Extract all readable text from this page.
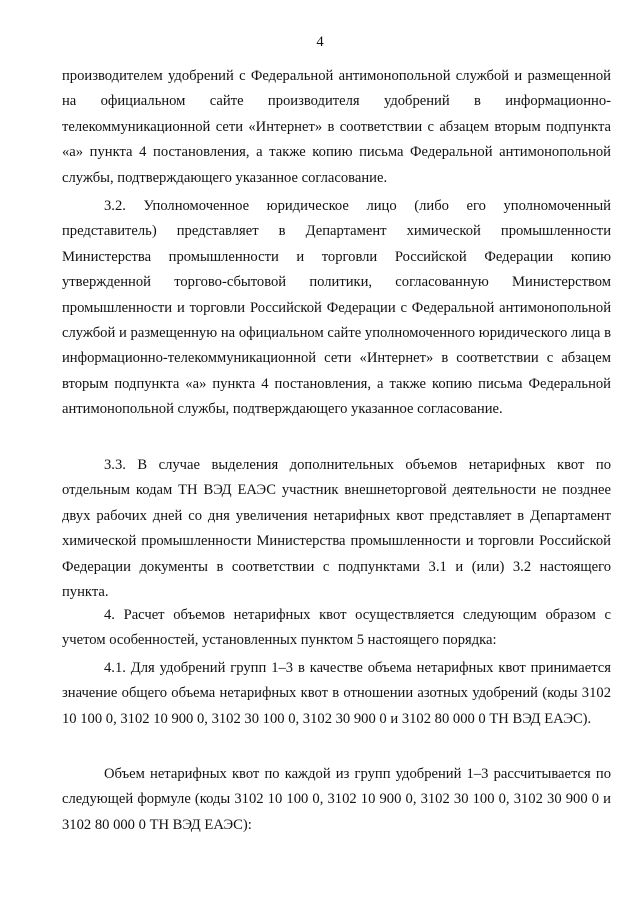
4

производителем удобрений с Федеральной антимонопольной службой и размещенной на официальном сайте производителя удобрений в информационно-телекоммуникационной сети «Интернет» в соответствии с абзацем вторым подпункта «а» пункта 4 постановления, а также копию письма Федеральной антимонопольной службы, подтверждающего указанное согласование.

3.2. Уполномоченное юридическое лицо (либо его уполномоченный представитель) представляет в Департамент химической промышленности Министерства промышленности и торговли Российской Федерации копию утвержденной торгово-сбытовой политики, согласованную Министерством промышленности и торговли Российской Федерации с Федеральной антимонопольной службой и размещенную на официальном сайте уполномоченного юридического лица в информационно-телекоммуникационной сети «Интернет» в соответствии с абзацем вторым подпункта «а» пункта 4 постановления, а также копию письма Федеральной антимонопольной службы, подтверждающего указанное согласование.

3.3. В случае выделения дополнительных объемов нетарифных квот по отдельным кодам ТН ВЭД ЕАЭС участник внешнеторговой деятельности не позднее двух рабочих дней со дня увеличения нетарифных квот представляет в Департамент химической промышленности Министерства промышленности и торговли Российской Федерации документы в соответствии с подпунктами 3.1 и (или) 3.2 настоящего пункта.

4. Расчет объемов нетарифных квот осуществляется следующим образом с учетом особенностей, установленных пунктом 5 настоящего порядка:

4.1. Для удобрений групп 1–3 в качестве объема нетарифных квот принимается значение общего объема нетарифных квот в отношении азотных удобрений (коды 3102 10 100 0, 3102 10 900 0, 3102 30 100 0, 3102 30 900 0 и 3102 80 000 0 ТН ВЭД ЕАЭС).

Объем нетарифных квот по каждой из групп удобрений 1–3 рассчитывается по следующей формуле (коды 3102 10 100 0, 3102 10 900 0, 3102 30 100 0, 3102 30 900 0 и 3102 80 000 0 ТН ВЭД ЕАЭС):
